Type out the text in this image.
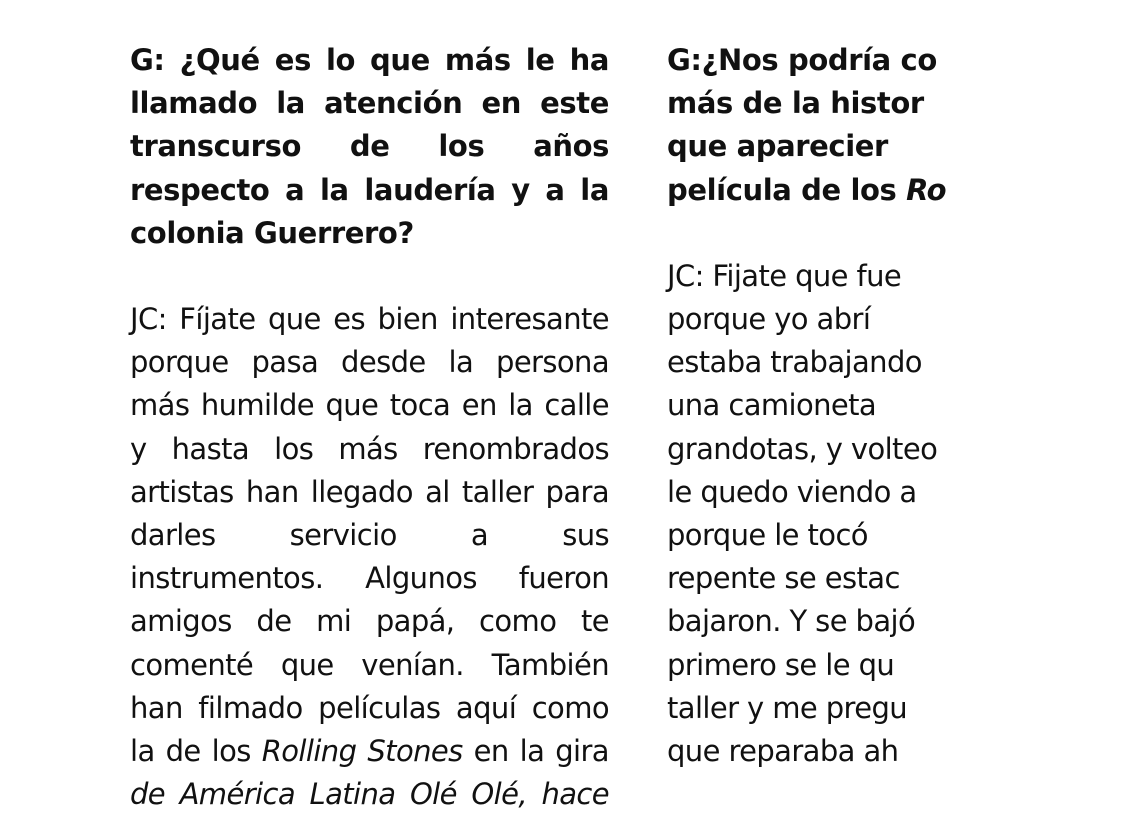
G: ¿Qué es lo que más le ha llamado la atención en este transcurso de los años respecto a la laudería y a la colonia Guerrero?

JC: Fíjate que es bien interesante
porque pasa desde la persona
más humilde que toca en la calle
y hasta los más renombrados
artistas han llegado al taller para
darles servicio a sus
instrumentos. Algunos fueron
amigos de mi papá, como te
comenté que venían. También
han filmado películas aquí como
la de los Rolling Stones en la gira
de América Latina Olé Olé, hace
G:¿Nos podría co
más de la histor
que aparecier
película de los Ro
JC: Fijate que fue
porque yo abrí
estaba trabajando
una camioneta
grandotas, y volteo
le quedo viendo a
porque le tocó
repente se estac
bajaron. Y se bajó
primero se le qu
taller y me pregu
que reparaba ah
